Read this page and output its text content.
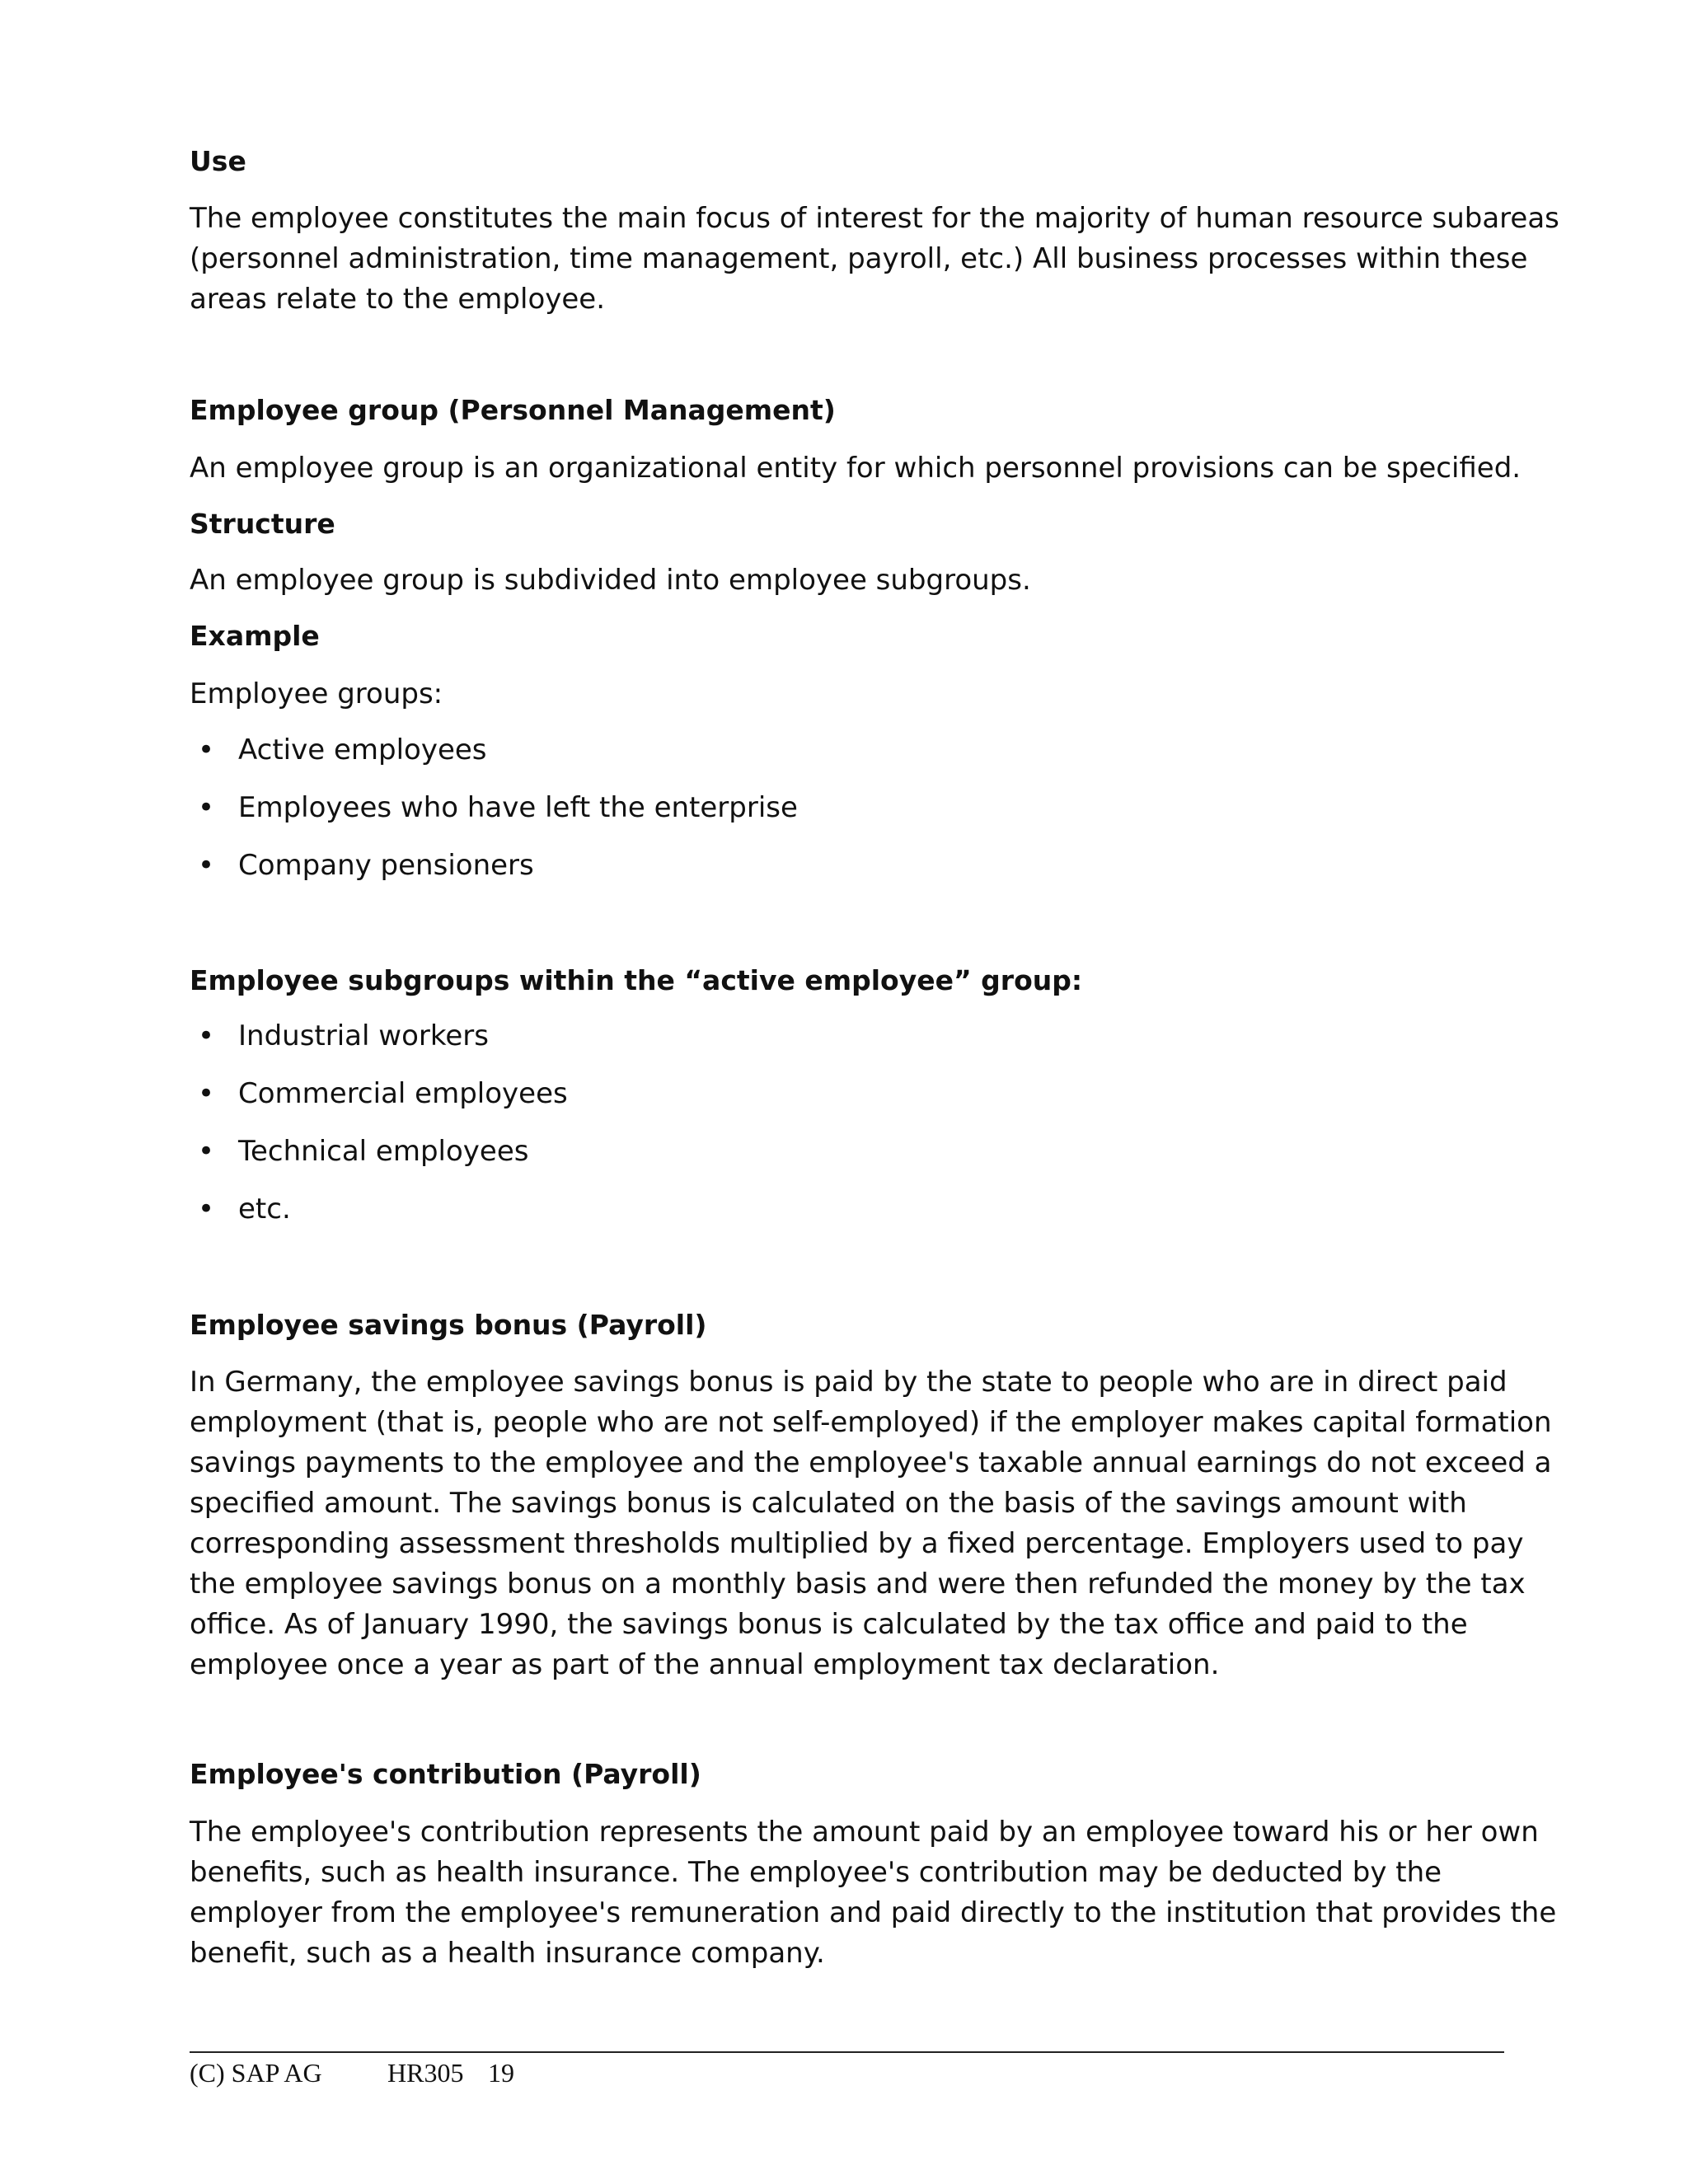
Use
The employee constitutes the main focus of interest for the majority of human resource subareas
(personnel administration, time management, payroll, etc.) All business processes within these
areas relate to the employee.
Employee group (Personnel Management)
An employee group is an organizational entity for which personnel provisions can be specified.
Structure
An employee group is subdivided into employee subgroups.
Example
Employee groups:
• Active employees
• Employees who have left the enterprise
• Company pensioners
Employee subgroups within the “active employee” group:
• Industrial workers
• Commercial employees
• Technical employees
• etc.
Employee savings bonus (Payroll)
In Germany, the employee savings bonus is paid by the state to people who are in direct paid
employment (that is, people who are not self-employed) if the employer makes capital formation
savings payments to the employee and the employee's taxable annual earnings do not exceed a
specified amount. The savings bonus is calculated on the basis of the savings amount with
corresponding assessment thresholds multiplied by a fixed percentage. Employers used to pay
the employee savings bonus on a monthly basis and were then refunded the money by the tax
office. As of January 1990, the savings bonus is calculated by the tax office and paid to the
employee once a year as part of the annual employment tax declaration.
Employee's contribution (Payroll)
The employee's contribution represents the amount paid by an employee toward his or her own
benefits, such as health insurance. The employee's contribution may be deducted by the
employer from the employee's remuneration and paid directly to the institution that provides the
benefit, such as a health insurance company.
(C) SAP AG HR305 19
